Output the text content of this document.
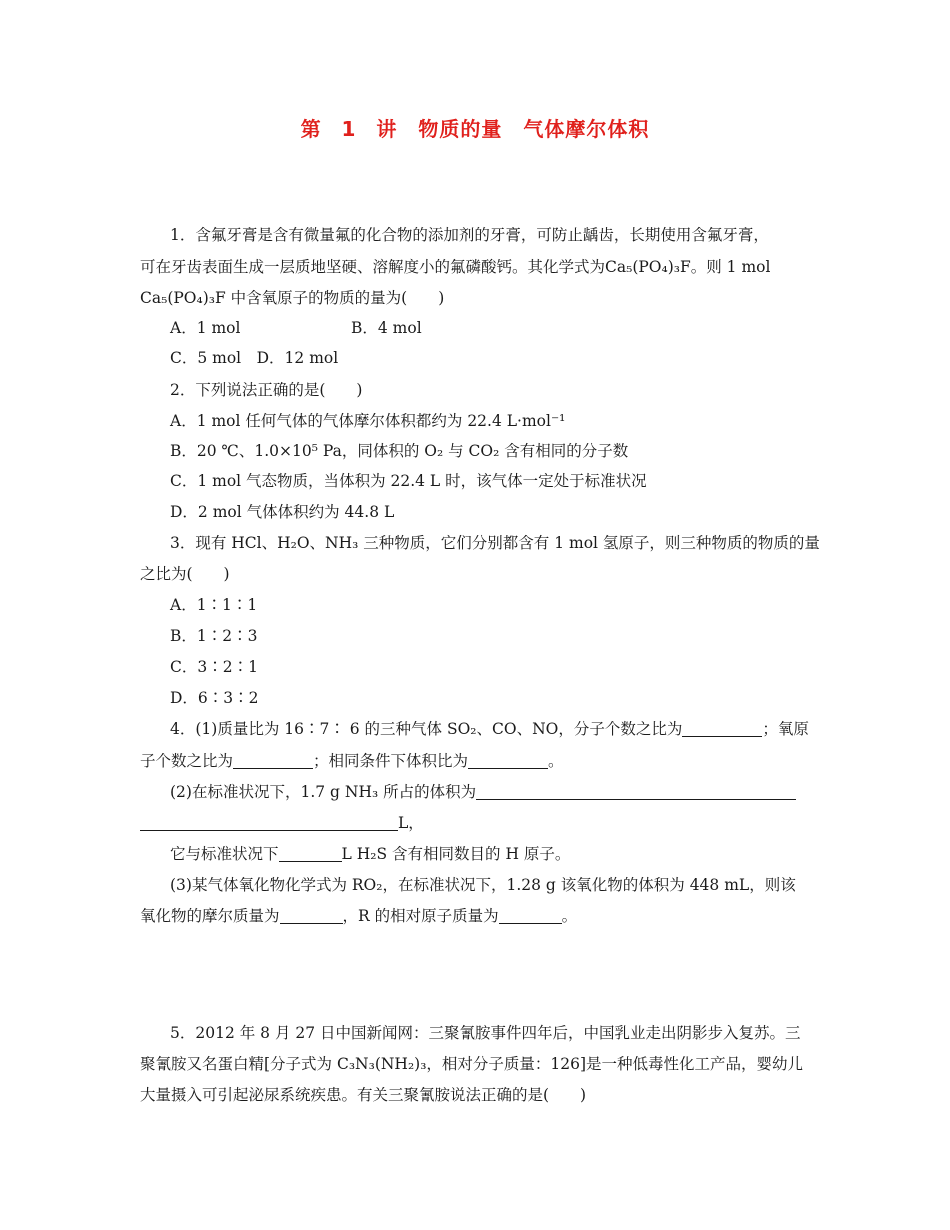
第 1 讲　物质的量　气体摩尔体积
1．含氟牙膏是含有微量氟的化合物的添加剂的牙膏，可防止龋齿，长期使用含氟牙膏，
可在牙齿表面生成一层质地坚硬、溶解度小的氟磷酸钙。其化学式为Ca₅(PO₄)₃F。则 1 mol
Ca₅(PO₄)₃F 中含氧原子的物质的量为(　　)
A．1 mol	B．4 mol
C．5 mol　D．12 mol
2．下列说法正确的是(　　)
A．1 mol 任何气体的气体摩尔体积都约为 22.4 L·mol⁻¹
B．20 ℃、1.0×10⁵ Pa，同体积的 O₂ 与 CO₂ 含有相同的分子数
C．1 mol 气态物质，当体积为 22.4 L 时，该气体一定处于标准状况
D．2 mol 气体体积约为 44.8 L
3．现有 HCl、H₂O、NH₃ 三种物质，它们分别都含有 1 mol 氢原子，则三种物质的物质的量
之比为(　　)
A．1∶1∶1
B．1∶2∶3
C．3∶2∶1
D．6∶3∶2
4．(1)质量比为 16∶7∶ 6 的三种气体 SO₂、CO、NO，分子个数之比为	；氧原
子个数之比为	；相同条件下体积比为	。
(2)在标准状况下，1.7 g NH₃ 所占的体积为
L，
它与标准状况下	L H₂S 含有相同数目的 H 原子。
(3)某气体氧化物化学式为 RO₂，在标准状况下，1.28 g 该氧化物的体积为 448 mL，则该
氧化物的摩尔质量为	，R 的相对原子质量为	。
5．2012 年 8 月 27 日中国新闻网：三聚氰胺事件四年后，中国乳业走出阴影步入复苏。三
聚氰胺又名蛋白精[分子式为 C₃N₃(NH₂)₃，相对分子质量：126]是一种低毒性化工产品，婴幼儿
大量摄入可引起泌尿系统疾患。有关三聚氰胺说法正确的是(　　)
